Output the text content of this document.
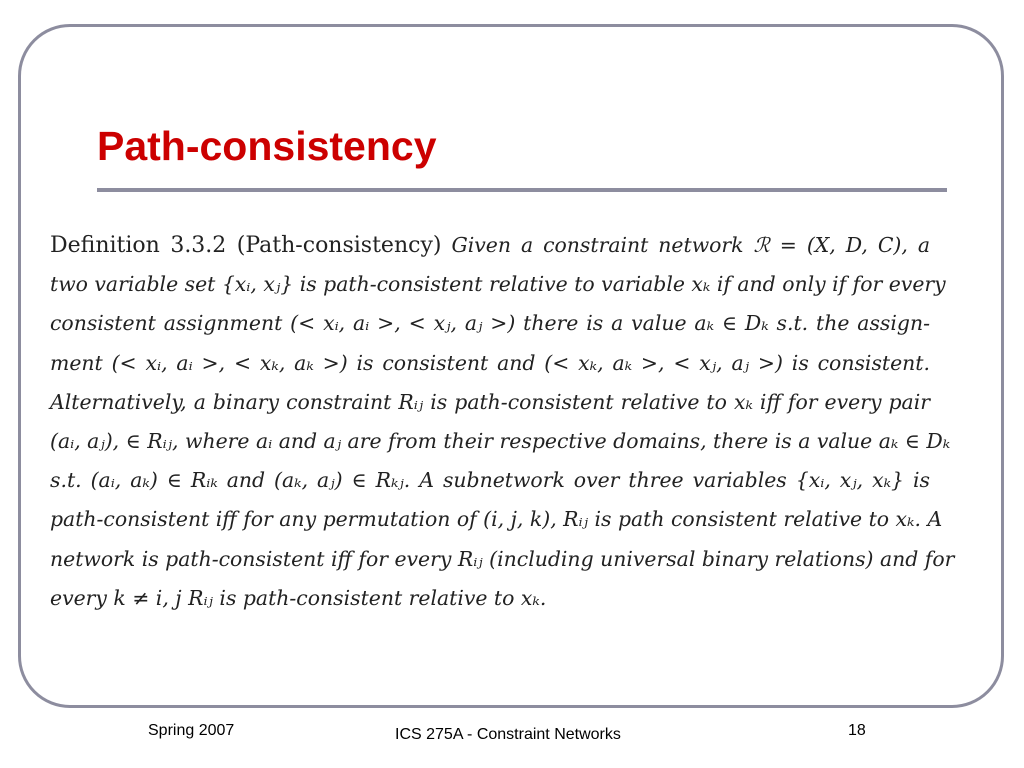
Path-consistency
Definition 3.3.2 (Path-consistency) Given a constraint network ℛ = (X, D, C), a
two variable set {xᵢ, xⱼ} is path-consistent relative to variable xₖ if and only if for every
consistent assignment (< xᵢ, aᵢ >, < xⱼ, aⱼ >) there is a value aₖ ∈ Dₖ s.t. the assign-
ment (< xᵢ, aᵢ >, < xₖ, aₖ >) is consistent and (< xₖ, aₖ >, < xⱼ, aⱼ >) is consistent.
Alternatively, a binary constraint Rᵢⱼ is path-consistent relative to xₖ iff for every pair
(aᵢ, aⱼ), ∈ Rᵢⱼ, where aᵢ and aⱼ are from their respective domains, there is a value aₖ ∈ Dₖ
s.t. (aᵢ, aₖ) ∈ Rᵢₖ and (aₖ, aⱼ) ∈ Rₖⱼ. A subnetwork over three variables {xᵢ, xⱼ, xₖ} is
path-consistent iff for any permutation of (i, j, k), Rᵢⱼ is path consistent relative to xₖ. A
network is path-consistent iff for every Rᵢⱼ (including universal binary relations) and for
every k ≠ i, j Rᵢⱼ is path-consistent relative to xₖ.
Spring 2007	ICS 275A - Constraint Networks	18
